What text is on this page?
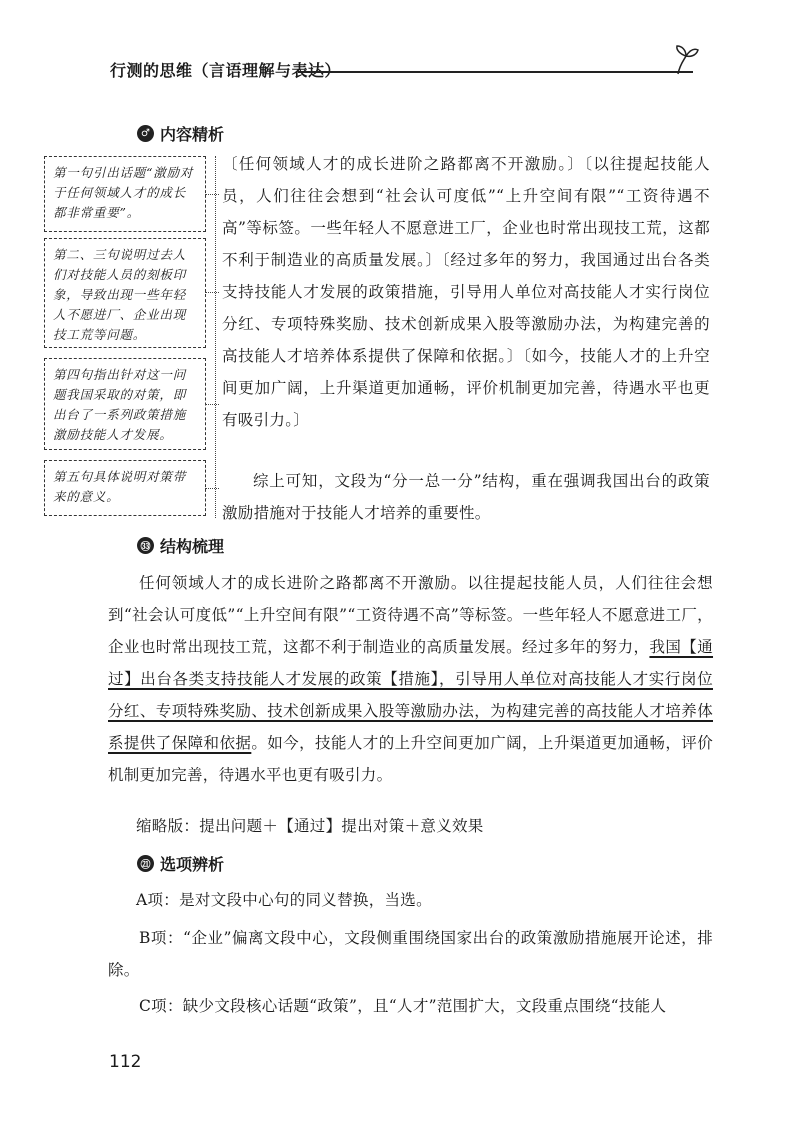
行测的思维（言语理解与表达）
♂ 内容精析
第一句引出话题“激励对于任何领域人才的成长都非常重要”。
第二、三句说明过去人们对技能人员的刻板印象，导致出现一些年轻人不愿进厂、企业出现技工荒等问题。
第四句指出针对这一问题我国采取的对策，即出台了一系列政策措施激励技能人才发展。
第五句具体说明对策带来的意义。
〔任何领域人才的成长进阶之路都离不开激励。〕〔以往提起技能人员，人们往往会想到“社会认可度低”“上升空间有限”“工资待遇不高”等标签。一些年轻人不愿意进工厂，企业也时常出现技工荒，这都不利于制造业的高质量发展。〕〔经过多年的努力，我国通过出台各类支持技能人才发展的政策措施，引导用人单位对高技能人才实行岗位分红、专项特殊奖励、技术创新成果入股等激励办法，为构建完善的高技能人才培养体系提供了保障和依据。〕〔如今，技能人才的上升空间更加广阔，上升渠道更加通畅，评价机制更加完善，待遇水平也更有吸引力。〕
综上可知，文段为“分一总一分”结构，重在强调我国出台的政策激励措施对于技能人才培养的重要性。
㉝ 结构梳理
任何领域人才的成长进阶之路都离不开激励。以往提起技能人员，人们往往会想到“社会认可度低”“上升空间有限”“工资待遇不高”等标签。一些年轻人不愿意进工厂，企业也时常出现技工荒，这都不利于制造业的高质量发展。经过多年的努力，我国【通过】出台各类支持技能人才发展的政策【措施】，引导用人单位对高技能人才实行岗位分红、专项特殊奖励、技术创新成果入股等激励办法，为构建完善的高技能人才培养体系提供了保障和依据。如今，技能人才的上升空间更加广阔，上升渠道更加通畅，评价机制更加完善，待遇水平也更有吸引力。
缩略版：提出问题＋【通过】提出对策＋意义效果
㉑ 选项辨析
A项：是对文段中心句的同义替换，当选。
B项：“企业”偏离文段中心，文段侧重围绕国家出台的政策激励措施展开论述，排除。
C项：缺少文段核心话题“政策”，且“人才”范围扩大，文段重点围绕“技能人
112
